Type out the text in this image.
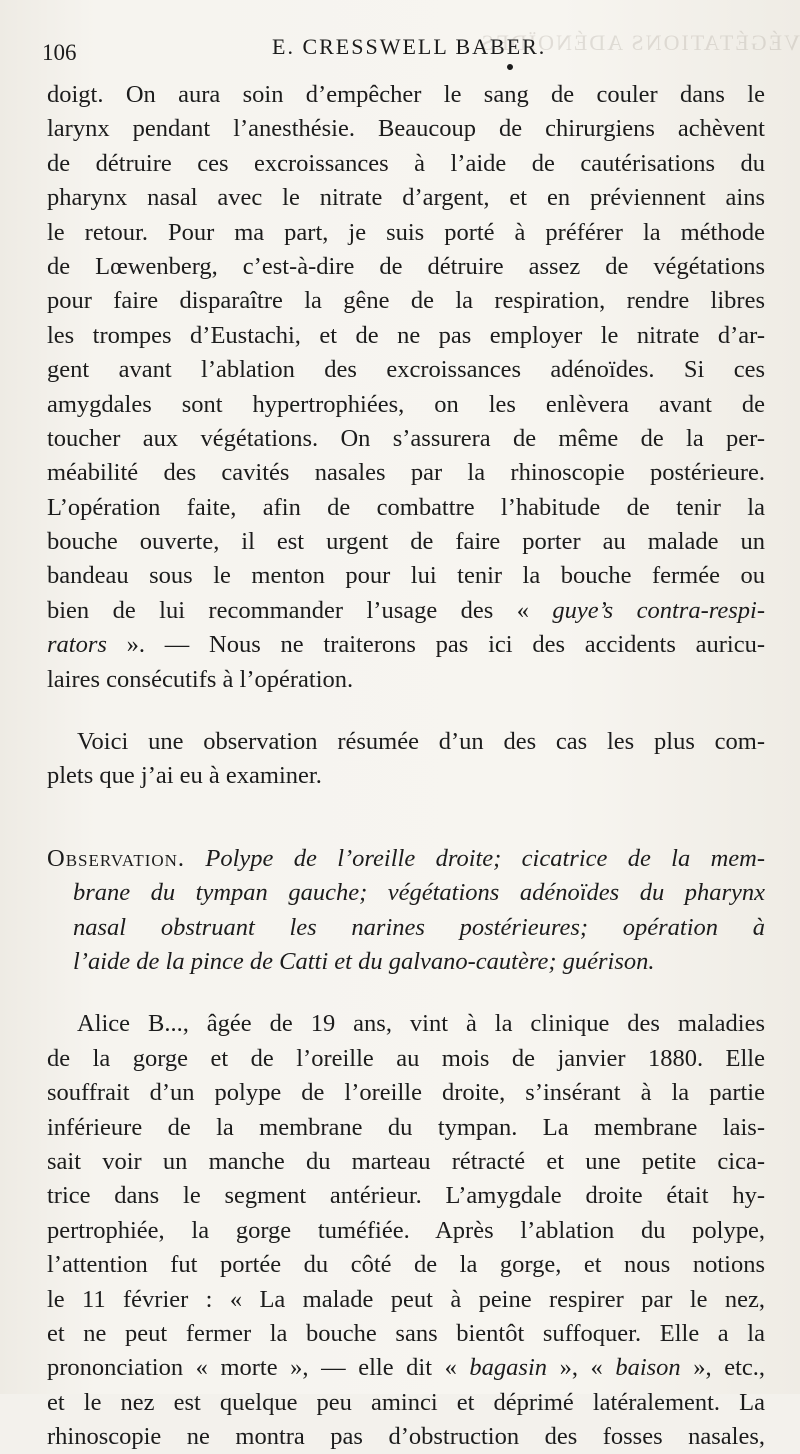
VÉGÉTATIONS ADÉNOÏDES
106	E. CRESSWELL BABER.
doigt. On aura soin d’empêcher le sang de couler dans le
larynx pendant l’anesthésie. Beaucoup de chirurgiens achèvent
de détruire ces excroissances à l’aide de cautérisations du
pharynx nasal avec le nitrate d’argent, et en préviennent ains
le retour. Pour ma part, je suis porté à préférer la méthode
de Lœwenberg, c’est-à-dire de détruire assez de végétations
pour faire disparaître la gêne de la respiration, rendre libres
les trompes d’Eustachi, et de ne pas employer le nitrate d’ar-
gent avant l’ablation des excroissances adénoïdes. Si ces
amygdales sont hypertrophiées, on les enlèvera avant de
toucher aux végétations. On s’assurera de même de la per-
méabilité des cavités nasales par la rhinoscopie postérieure.
L’opération faite, afin de combattre l’habitude de tenir la
bouche ouverte, il est urgent de faire porter au malade un
bandeau sous le menton pour lui tenir la bouche fermée ou
bien de lui recommander l’usage des « guye’s contra-respi-
rators ». — Nous ne traiterons pas ici des accidents auricu-
laires consécutifs à l’opération.
Voici une observation résumée d’un des cas les plus com-
plets que j’ai eu à examiner.
Observation. Polype de l’oreille droite; cicatrice de la mem-
brane du tympan gauche; végétations adénoïdes du pharynx
nasal obstruant les narines postérieures; opération à
l’aide de la pince de Catti et du galvano-cautère; guérison.
Alice B..., âgée de 19 ans, vint à la clinique des maladies
de la gorge et de l’oreille au mois de janvier 1880. Elle
souffrait d’un polype de l’oreille droite, s’insérant à la partie
inférieure de la membrane du tympan. La membrane lais-
sait voir un manche du marteau rétracté et une petite cica-
trice dans le segment antérieur. L’amygdale droite était hy-
pertrophiée, la gorge tuméfiée. Après l’ablation du polype,
l’attention fut portée du côté de la gorge, et nous notions
le 11 février : « La malade peut à peine respirer par le nez,
et ne peut fermer la bouche sans bientôt suffoquer. Elle a la
prononciation « morte », — elle dit « bagasin », « baison », etc.,
et le nez est quelque peu aminci et déprimé latéralement. La
rhinoscopie ne montra pas d’obstruction des fosses nasales,
